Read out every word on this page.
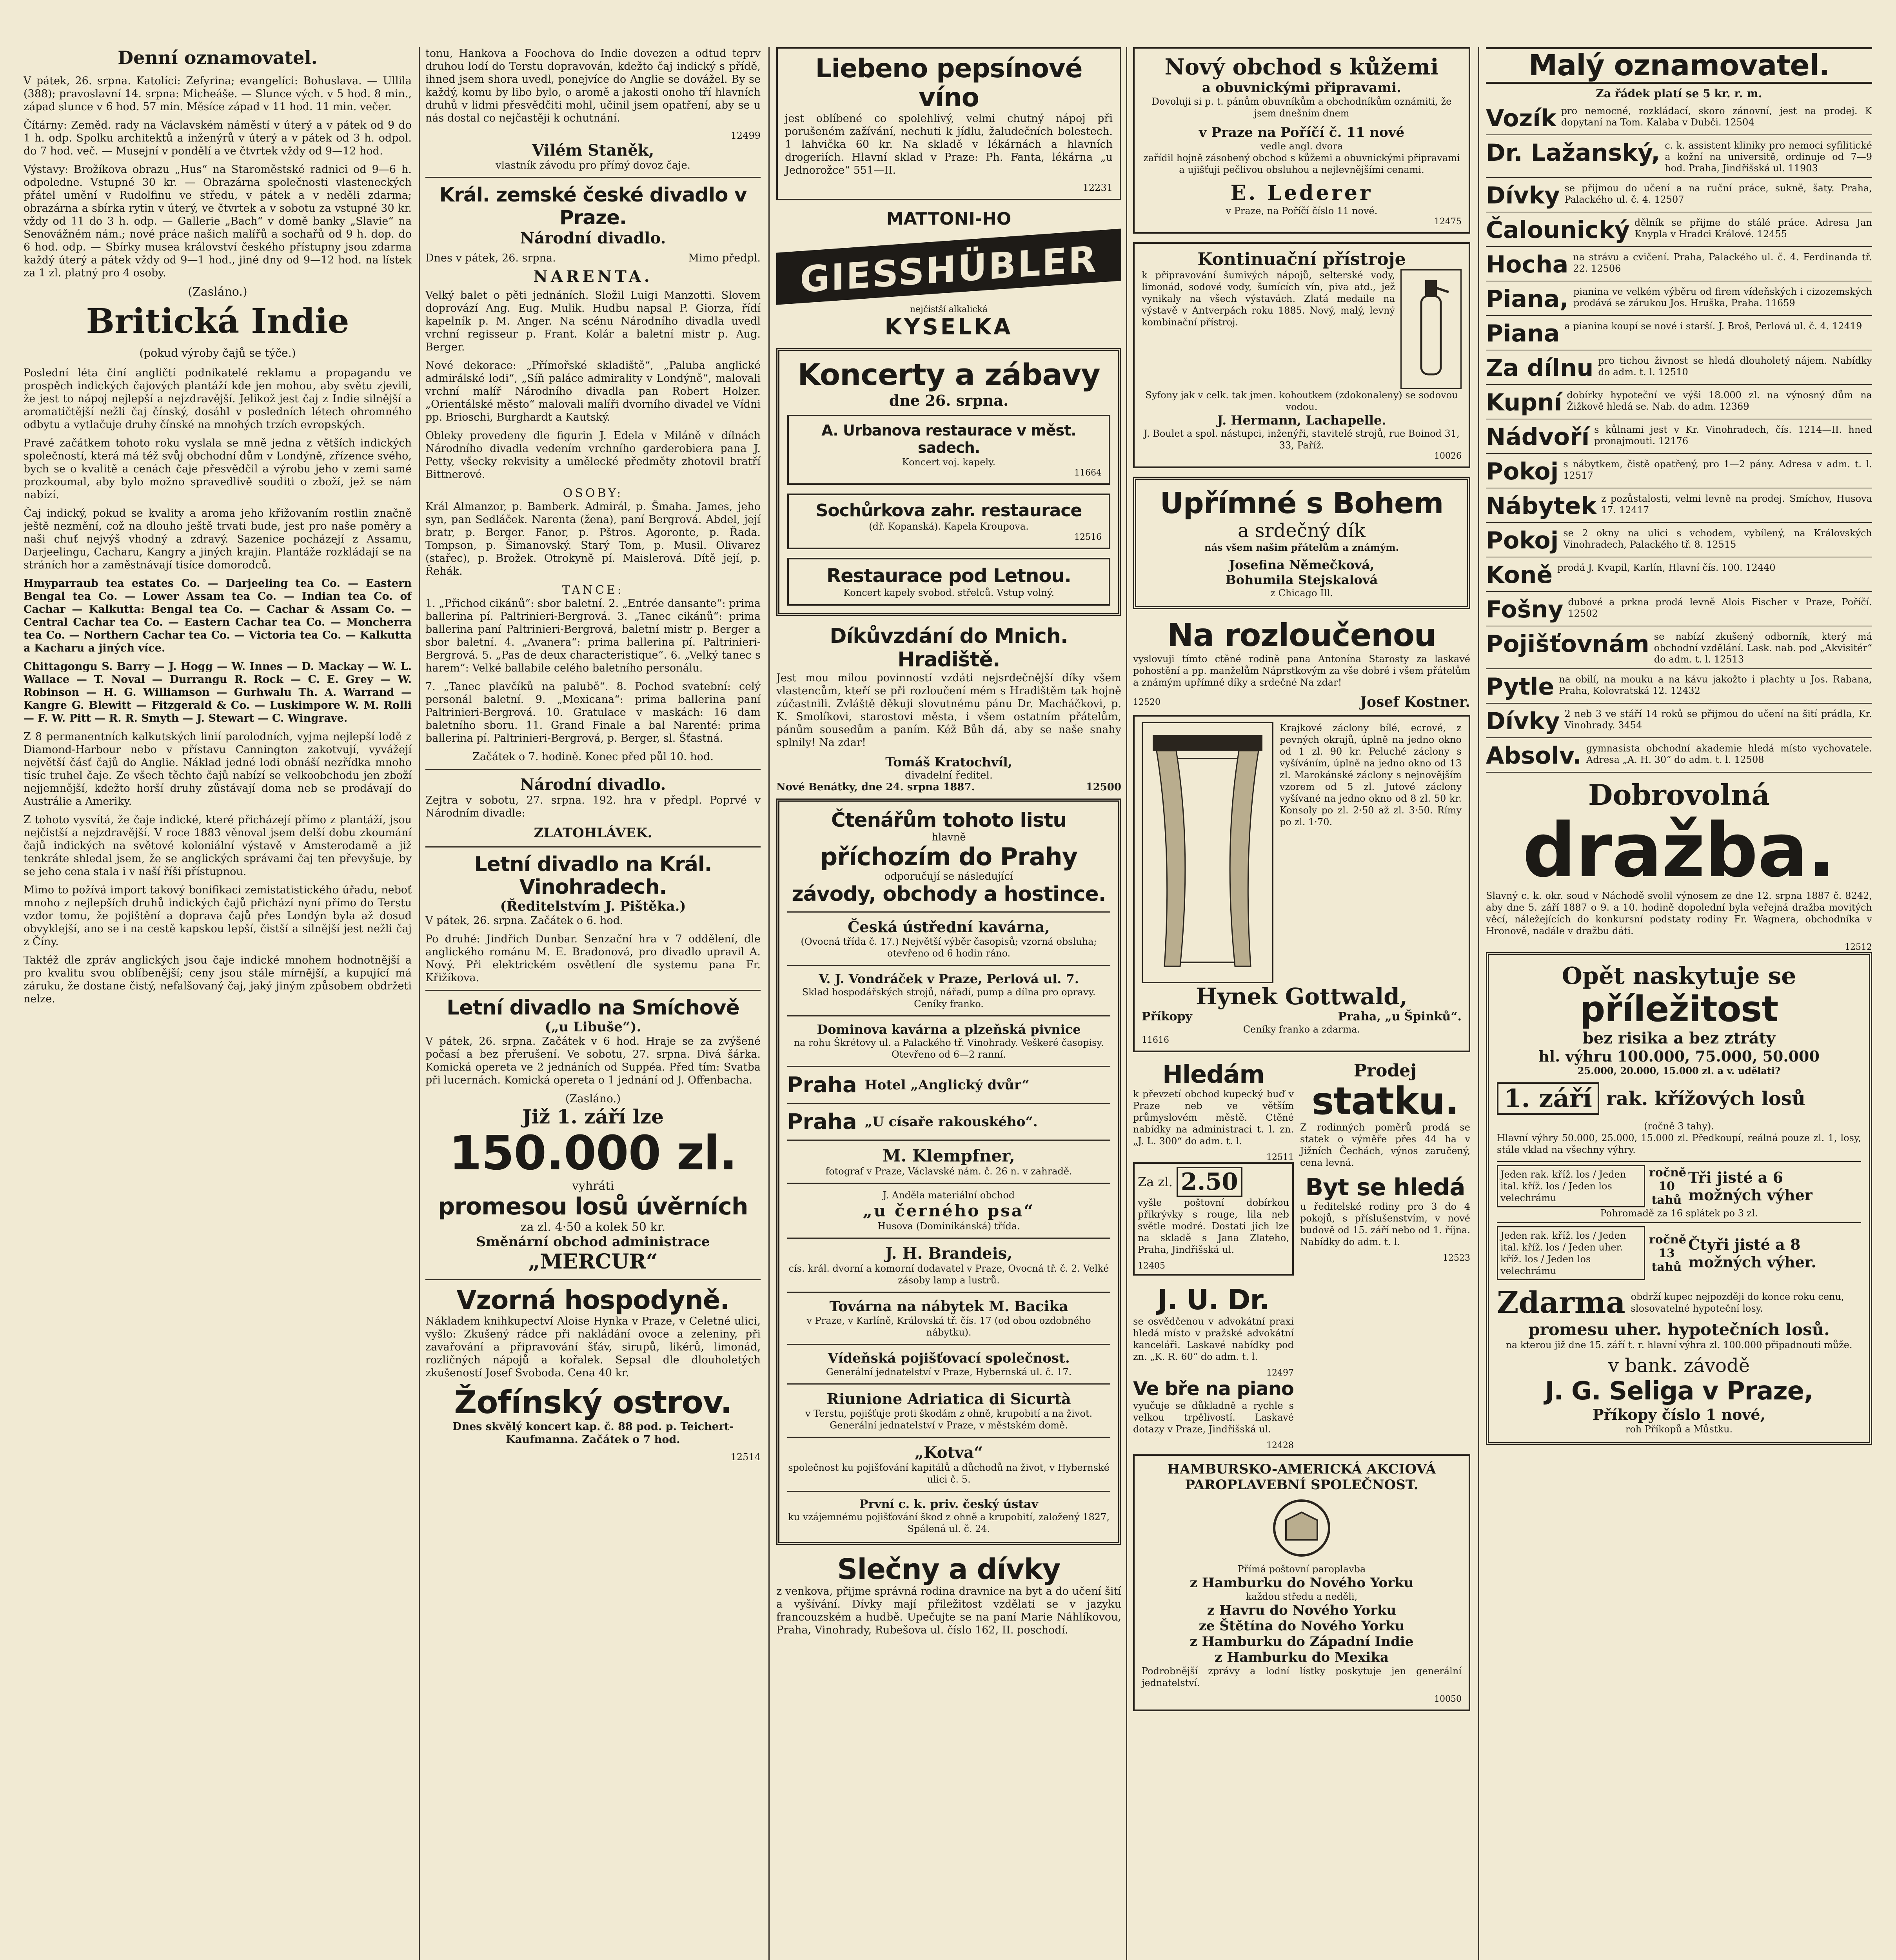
Denní oznamovatel.

V pátek, 26. srpna. Katolíci: Zefyrina; evangelíci: Bohuslava. — Ullila (388); pravoslavní 14. srpna: Micheáše. — Slunce vých. v 5 hod. 8 min., západ slunce v 6 hod. 57 min. Měsíce západ v 11 hod. 11 min. večer.

Čítárny: Zeměd. rady na Václavském náměstí v úterý a v pátek od 9 do 1 h. odp. Spolku architektů a inženýrů v úterý a v pátek od 3 h. odpol. do 7 hod. več. — Musejní v pondělí a ve čtvrtek vždy od 9—12 hod.

Výstavy: Brožíkova obrazu „Hus“ na Staroměstské radnici od 9—6 h. odpoledne. Vstupné 30 kr. — Obrazárna společnosti vlasteneckých přátel umění v Rudolfinu ve středu, v pátek a v neděli zdarma; obrazárna a sbírka rytin v úterý, ve čtvrtek a v sobotu za vstupné 30 kr. vždy od 11 do 3 h. odp. — Gallerie „Bach“ v domě banky „Slavie“ na Senovážném nám.; nové práce našich malířů a sochařů od 9 h. dop. do 6 hod. odp. — Sbírky musea království českého přístupny jsou zdarma každý úterý a pátek vždy od 9—1 hod., jiné dny od 9—12 hod. na lístek za 1 zl. platný pro 4 osoby.

(Zasláno.)
Britická Indie
(pokud výroby čajů se týče.)

Poslední léta činí angličtí podnikatelé reklamu a propagandu ve prospěch indických čajových plantáží kde jen mohou, aby světu zjevili, že jest to nápoj nejlepší a nejzdravější. Jelikož jest čaj z Indie silnější a aromatičtější nežli čaj čínský, dosáhl v posledních létech ohromného odbytu a vytlačuje druhy čínské na mnohých trzích evropských.

Pravé začátkem tohoto roku vyslala se mně jedna z větších indických společností, která má též svůj obchodní dům v Londýně, zřízence svého, bych se o kvalitě a cenách čaje přesvědčil a výrobu jeho v zemi samé prozkoumal, aby bylo možno spravedlivě souditi o zboží, jež se nám nabízí.

Čaj indický, pokud se kvality a aroma jeho křižovaním rostlin značně ještě nezmění, což na dlouho ještě trvati bude, jest pro naše poměry a naši chuť nejvýš vhodný a zdravý. Sazenice pocházejí z Assamu, Darjeelingu, Cacharu, Kangry a jiných krajin. Plantáže rozkládají se na stráních hor a zaměstnávají tisíce domorodců.

Hmyparraub tea estates Co. — Darjeeling tea Co. — Eastern Bengal tea Co. — Lower Assam tea Co. — Indian tea Co. of Cachar — Kalkutta: Bengal tea Co. — Cachar & Assam Co. — Central Cachar tea Co. — Eastern Cachar tea Co. — Moncherra tea Co. — Northern Cachar tea Co. — Victoria tea Co. — Kalkutta a Kacharu a jiných více.

Chittagongu S. Barry — J. Hogg — W. Innes — D. Mackay — W. L. Wallace — T. Noval — Durrangu R. Rock — C. E. Grey — W. Robinson — H. G. Williamson — Gurhwalu Th. A. Warrand — Kangre G. Blewitt — Fitzgerald & Co. — Luskimpore W. M. Rolli — F. W. Pitt — R. R. Smyth — J. Stewart — C. Wingrave.

Z 8 permanentních kalkutských linií parolodních, vyjma nejlepší lodě z Diamond-Harbour nebo v přístavu Cannington zakotvují, vyvážejí největší čásť čajů do Anglie. Náklad jedné lodi obnáší nezřídka mnoho tisíc truhel čaje. Ze všech těchto čajů nabízí se velkoobchodu jen zboží nejjemnější, kdežto horší druhy zůstávají doma neb se prodávají do Austrálie a Ameriky.

Z tohoto vysvítá, že čaje indické, které přicházejí přímo z plantáží, jsou nejčistší a nejzdravější. V roce 1883 věnoval jsem delší dobu zkoumání čajů indických na světové koloniální výstavě v Amsterodamě a již tenkráte shledal jsem, že se anglických správami čaj ten převyšuje, by se jeho cena stala i v naší říši přístupnou.

Mimo to požívá import takový bonifikaci zemistatistického úřadu, neboť mnoho z nejlepších druhů indických čajů přichází nyní přímo do Terstu vzdor tomu, že pojištění a doprava čajů přes Londýn byla až dosud obvyklejší, ano se i na cestě kapskou lepší, čistší a silnější jest nežli čaj z Číny.

Taktéž dle zpráv anglických jsou čaje indické mnohem hodnotnější a pro kvalitu svou oblíbenější; ceny jsou stále mírnější, a kupující má záruku, že dostane čistý, nefalšovaný čaj, jaký jiným způsobem obdržeti nelze.

tonu, Hankova a Foochova do Indie dovezen a odtud teprv druhou lodí do Terstu dopravován, kdežto čaj indický s přídě, ihned jsem shora uvedl, ponejvíce do Anglie se dovážel. By se každý, komu by libo bylo, o aromě a jakosti onoho tří hlavních druhů v lidmi přesvědčiti mohl, učinil jsem opatření, aby se u nás dostal co nejčastěji k ochutnání.

12499
Vilém Staněk,
vlastník závodu pro přímý dovoz čaje.
Král. zemské české divadlo v Praze.
Národní divadlo.
Dnes v pátek, 26. srpna.	Mimo předpl.
NARENTA.

Velký balet o pěti jednáních. Složil Luigi Manzotti. Slovem doprovází Ang. Eug. Mulik. Hudbu napsal P. Giorza, řídí kapelník p. M. Anger. Na scénu Národního divadla uvedl vrchní regisseur p. Frant. Kolár a baletní mistr p. Aug. Berger.

Nové dekorace: „Přímořské skladiště“, „Paluba anglické admirálské lodi“, „Síň paláce admirality v Londýně“, malovali vrchní malíř Národního divadla pan Robert Holzer. „Orientálské město“ malovali malíři dvorního divadel ve Vídni pp. Brioschi, Burghardt a Kautský.

Obleky provedeny dle figurin J. Edela v Miláně v dílnách Národního divadla vedením vrchního garderobiera pana J. Petty, všecky rekvisity a umělecké předměty zhotovil bratří Bittnerové.

OSOBY:

Král Almanzor, p. Bamberk. Admirál, p. Šmaha. James, jeho syn, pan Sedláček. Narenta (žena), paní Bergrová. Abdel, její bratr, p. Berger. Fanor, p. Pštros. Agoronte, p. Řada. Tompson, p. Šimanovský. Starý Tom, p. Musil. Olivarez (stařec), p. Brožek. Otrokyně pí. Maislerová. Dítě její, p. Řehák.

TANCE:

1. „Přichod cikánů“: sbor baletní. 2. „Entrée dansante“: prima ballerina pí. Paltrinieri-Bergrová. 3. „Tanec cikánů“: prima ballerina paní Paltrinieri-Bergrová, baletní mistr p. Berger a sbor baletní. 4. „Avanera“: prima ballerina pí. Paltrinieri-Bergrová. 5. „Pas de deux characteristique“. 6. „Velký tanec s harem“: Velké ballabile celého baletního personálu.

7. „Tanec plavčíků na palubě“. 8. Pochod svatební: celý personál baletní. 9. „Mexicana“: prima ballerina paní Paltrinieri-Bergrová. 10. Gratulace v maskách: 16 dam baletního sboru. 11. Grand Finale a bal Narenté: prima ballerina pí. Paltrinieri-Bergrová, p. Berger, sl. Šťastná.

Začátek o 7. hodině. Konec před půl 10. hod.

Národní divadlo.

Zejtra v sobotu, 27. srpna. 192. hra v předpl. Poprvé v Národním divadle:

ZLATOHLÁVEK.
Letní divadlo na Král. Vinohradech.
(Ředitelstvím J. Pištěka.)

V pátek, 26. srpna. Začátek o 6. hod.

Po druhé: Jindřich Dunbar. Senzační hra v 7 oddělení, dle anglického románu M. E. Bradonová, pro divadlo upravil A. Nový. Při elektrickém osvětlení dle systemu pana Fr. Křižíkova.

Letní divadlo na Smíchově
(„u Libuše“).

V pátek, 26. srpna. Začátek v 6 hod. Hraje se za zvýšené počasí a bez přerušení. Ve sobotu, 27. srpna. Divá šárka. Komická opereta ve 2 jednáních od Suppéa. Před tím: Svatba při lucernách. Komická opereta o 1 jednání od J. Offenbacha.

(Zasláno.)
Již 1. září lze
150.000 zl.
vyhráti
promesou losů úvěrních
za zl. 4·50 a kolek 50 kr.
Směnární obchod administrace
„MERCUR“
Vzorná hospodyně.

Nákladem knihkupectví Aloise Hynka v Praze, v Celetné ulici, vyšlo: Zkušený rádce při nakládání ovoce a zeleniny, při zavařování a připravování šťáv, sirupů, likérů, limonád, rozličných nápojů a kořalek. Sepsal dle dlouholetých zkušeností Josef Svoboda. Cena 40 kr.

Žofínský ostrov.

Dnes skvělý koncert kap. č. 88 pod. p. Teichert-Kaufmanna. Začátek o 7 hod.

12514
Liebeno pepsínové víno

jest oblíbené co spolehlivý, velmi chutný nápoj při porušeném zažívání, nechuti k jídlu, žaludečních bolestech. 1 lahvička 60 kr. Na skladě v lékárnách a hlavních drogeriích. Hlavní sklad v Praze: Ph. Fanta, lékárna „u Jednorožce“ 551—II.

12231
MATTONI-HO
GIESSHÜBLER
nejčistší alkalická
KYSELKA
Koncerty a zábavy
dne 26. srpna.
A. Urbanova restaurace v měst. sadech.
Koncert voj. kapely.
11664
Sochůrkova zahr. restaurace
(dř. Kopanská). Kapela Kroupova.
12516
Restaurace pod Letnou.
Koncert kapely svobod. střelců. Vstup volný.
Díkůvzdání do Mnich. Hradiště.

Jest mou milou povinností vzdáti nejsrdečnější díky všem vlastencům, kteří se při rozloučení mém s Hradištěm tak hojně zúčastnili. Zvláště děkuji slovutnému pánu Dr. Macháčkovi, p. K. Smolíkovi, starostovi města, i všem ostatním přátelům, pánům sousedům a paním. Kéž Bůh dá, aby se naše snahy splnily! Na zdar!

Tomáš Kratochvíl,
divadelní ředitel.
Nové Benátky, dne 24. srpna 1887.	12500
Čtenářům tohoto listu
hlavně
příchozím do Prahy
odporučují se následující
závody, obchody a hostince.
Česká ústřední kavárna,

(Ovocná třída č. 17.) Největší výběr časopisů; vzorná obsluha; otevřeno od 6 hodin ráno.

V. J. Vondráček v Praze, Perlová ul. 7.

Sklad hospodářských strojů, nářadí, pump a dílna pro opravy. Ceníky franko.

Dominova kavárna a plzeňská pivnice

na rohu Škrétovy ul. a Palackého tř. Vinohrady. Veškeré časopisy. Otevřeno od 6—2 ranní.

Praha Hotel „Anglický dvůr“
Praha „U císaře rakouského“.
M. Klempfner,

fotograf v Praze, Václavské nám. č. 26 n. v zahradě.

J. Anděla materiální obchod
„u černého psa“
Husova (Dominikánská) třída.
J. H. Brandeis,

cís. král. dvorní a komorní dodavatel v Praze, Ovocná tř. č. 2. Velké zásoby lamp a lustrů.

Továrna na nábytek M. Bacika

v Praze, v Karlíně, Královská tř. čís. 17 (od obou ozdobného nábytku).

Vídeňská pojišťovací společnost.

Generální jednatelství v Praze, Hybernská ul. č. 17.

Riunione Adriatica di Sicurtà

v Terstu, pojišťuje proti škodám z ohně, krupobití a na život. Generální jednatelství v Praze, v městském domě.

„Kotva“

společnost ku pojišťování kapitálů a důchodů na život, v Hybernské ulici č. 5.

První c. k. priv. český ústav

ku vzájemnému pojišťování škod z ohně a krupobití, založený 1827, Spálená ul. č. 24.

Slečny a dívky

z venkova, přijme správná rodina dravnice na byt a do učení šití a vyšívání. Dívky mají přiležitost vzdělati se v jazyku francouzském a hudbě. Upečujte se na paní Marie Náhlíkovou, Praha, Vinohrady, Rubešova ul. číslo 162, II. poschodí.

Nový obchod s kůžemi
a obuvnickými připravami.

Dovoluji si p. t. pánům obuvníkům a obchodníkům oznámiti, že jsem dnešním dnem

v Praze na Poříčí č. 11 nové
vedle angl. dvora

zařídil hojně zásobený obchod s kůžemi a obuvnickými připravami a ujišťuji pečlivou obsluhou a nejlevnějšími cenami.

E. Lederer
v Praze, na Poříčí číslo 11 nové.
12475
Kontinuační přístroje

k připravování šumivých nápojů, selterské vody, limonád, sodové vody, šumících vín, piva atd., jež vynikaly na všech výstavách. Zlatá medaile na výstavě v Antverpách roku 1885. Nový, malý, levný kombinační přístroj.

Syfony jak v celk. tak jmen. kohoutkem (zdokonaleny) se sodovou vodou.
J. Hermann, Lachapelle.
J. Boulet a spol. nástupci, inženýři, stavitelé strojů, rue Boinod 31, 33, Paříž.
10026
Upřímné s Bohem
a srdečný dík
nás všem našim přátelům a známým.
Josefina Němečková,
Bohumila Stejskalová
z Chicago Ill.
Na rozloučenou

vyslovuji tímto ctěné rodině pana Antonína Starosty za laskavé pohostění a pp. manželům Náprstkovým za vše dobré i všem přátelům a známým upřímné díky a srdečné Na zdar!

12520	Josef Kostner.

Krajkové záclony bílé, ecrové, z pevných okrajů, úplně na jedno okno od 1 zl. 90 kr. Peluché záclony s vyšíváním, úplně na jedno okno od 13 zl. Marokánské záclony s nejnovějším vzorem od 5 zl. Jutové záclony vyšívané na jedno okno od 8 zl. 50 kr. Konsoly po zl. 2·50 až zl. 3·50. Rímy po zl. 1·70.

Hynek Gottwald,
Příkopy	Praha, „u Špinků“.
Ceníky franko a zdarma.
11616
Hledám

k převzetí obchod kupecký buď v Praze neb ve větším průmyslovém městě. Ctěné nabídky na administraci t. l. zn. „J. L. 300“ do adm. t. l.

12511
Za zl. 2.50

vyšle poštovní dobírkou přikrývky s rouge, lila neb světle modré. Dostati jich lze na skladě s Jana Zlateho, Praha, Jindřišská ul.

12405
J. U. Dr.

se osvědčenou v advokátní praxi hledá místo v pražské advokátní kanceláři. Laskavé nabídky pod zn. „K. R. 60“ do adm. t. l.

12497
Ve bře na piano

vyučuje se důkladně a rychle s velkou trpělivostí. Laskavé dotazy v Praze, Jindřišská ul.

12428
Prodej
statku.

Z rodinných poměrů prodá se statek o výměře přes 44 ha v Jižních Čechách, výnos zaručený, cena levná.

Byt se hledá

u ředitelské rodiny pro 3 do 4 pokojů, s příslušenstvím, v nové budově od 15. září nebo od 1. října. Nabídky do adm. t. l.

12523
HAMBURSKO-AMERICKÁ AKCIOVÁ PAROPLAVEBNÍ SPOLEČNOST.
Přímá poštovní paroplavba
z Hamburku do Nového Yorku
každou středu a neděli,
z Havru do Nového Yorku
ze Štětína do Nového Yorku
z Hamburku do Západní Indie
z Hamburku do Mexika

Podrobnější zprávy a lodní lístky poskytuje jen generální jednatelství.

10050
Malý oznamovatel.
Za řádek platí se 5 kr. r. m.
Vozík pro nemocné, rozkládací, skoro zánovní, jest na prodej. K dopytaní na Tom. Kalaba v Dubči. 12504
Dr. Lažanský, c. k. assistent kliniky pro nemoci syfilitické a kožní na universitě, ordinuje od 7—9 hod. Praha, Jindřišská ul. 11903
Dívky se přijmou do učení a na ruční práce, sukně, šaty. Praha, Palackého ul. č. 4. 12507
Čalounický dělník se přijme do stálé práce. Adresa Jan Knypla v Hradci Králové. 12455
Hocha na strávu a cvičení. Praha, Palackého ul. č. 4. Ferdinanda tř. 22. 12506
Piana, pianina ve velkém výběru od firem vídeňských i cizozemských prodává se zárukou Jos. Hruška, Praha. 11659
Piana a pianina koupí se nové i starší. J. Broš, Perlová ul. č. 4. 12419
Za dílnu pro tichou živnost se hledá dlouholetý nájem. Nabídky do adm. t. l. 12510
Kupní dobírky hypoteční ve výši 18.000 zl. na výnosný dům na Žižkově hledá se. Nab. do adm. 12369
Nádvoří s kůlnami jest v Kr. Vinohradech, čís. 1214—II. hned pronajmouti. 12176
Pokoj s nábytkem, čistě opatřený, pro 1—2 pány. Adresa v adm. t. l. 12517
Nábytek z pozůstalosti, velmi levně na prodej. Smíchov, Husova 17. 12417
Pokoj se 2 okny na ulici s vchodem, vybílený, na Královských Vinohradech, Palackého tř. 8. 12515
Koně prodá J. Kvapil, Karlín, Hlavní čís. 100. 12440
Fošny dubové a prkna prodá levně Alois Fischer v Praze, Poříčí. 12502
Pojišťovnám se nabízí zkušený odborník, který má obchodní vzdělání. Lask. nab. pod „Akvisitér“ do adm. t. l. 12513
Pytle na obilí, na mouku a na kávu jakožto i plachty u Jos. Rabana, Praha, Kolovratská 12. 12432
Dívky 2 neb 3 ve stáří 14 roků se přijmou do učení na šití prádla, Kr. Vinohrady. 3454
Absolv. gymnasista obchodní akademie hledá místo vychovatele. Adresa „A. H. 30“ do adm. t. l. 12508
Dobrovolná
dražba.

Slavný c. k. okr. soud v Náchodě svolil výnosem ze dne 12. srpna 1887 č. 8242, aby dne 5. září 1887 o 9. a 10. hodině dopolední byla veřejná dražba movitých věcí, náležejících do konkursní podstaty rodiny Fr. Wagnera, obchodníka v Hronově, nadále v dražbu dáti.

12512
Opět naskytuje se
příležitost
bez risika a bez ztráty
hl. výhru 100.000, 75.000, 50.000
25.000, 20.000, 15.000 zl. a v. udělati?
1. září rak. křížových losů
(ročně 3 tahy).

Hlavní výhry 50.000, 25.000, 15.000 zl. Předkoupí, reálná pouze zl. 1, losy, stále vklad na všechny výhry.

Jeden rak. kříž. los / Jeden ital. kříž. los / Jeden los velechrámu
ročně 10 tahů
Tři jisté a 6 možných výher
Pohromadě za 16 splátek po 3 zl.
Jeden rak. kříž. los / Jeden ital. kříž. los / Jeden uher. kříž. los / Jeden los velechrámu
ročně 13 tahů
Čtyři jisté a 8 možných výher.
Zdarma obdrží kupec nejpozději do konce roku cenu, slosovatelné hypoteční losy.
promesu uher. hypotečních losů.
na kterou již dne 15. září t. r. hlavní výhra zl. 100.000 připadnouti může.
v bank. závodě
J. G. Seliga v Praze,
Příkopy číslo 1 nové,
roh Příkopů a Můstku.
